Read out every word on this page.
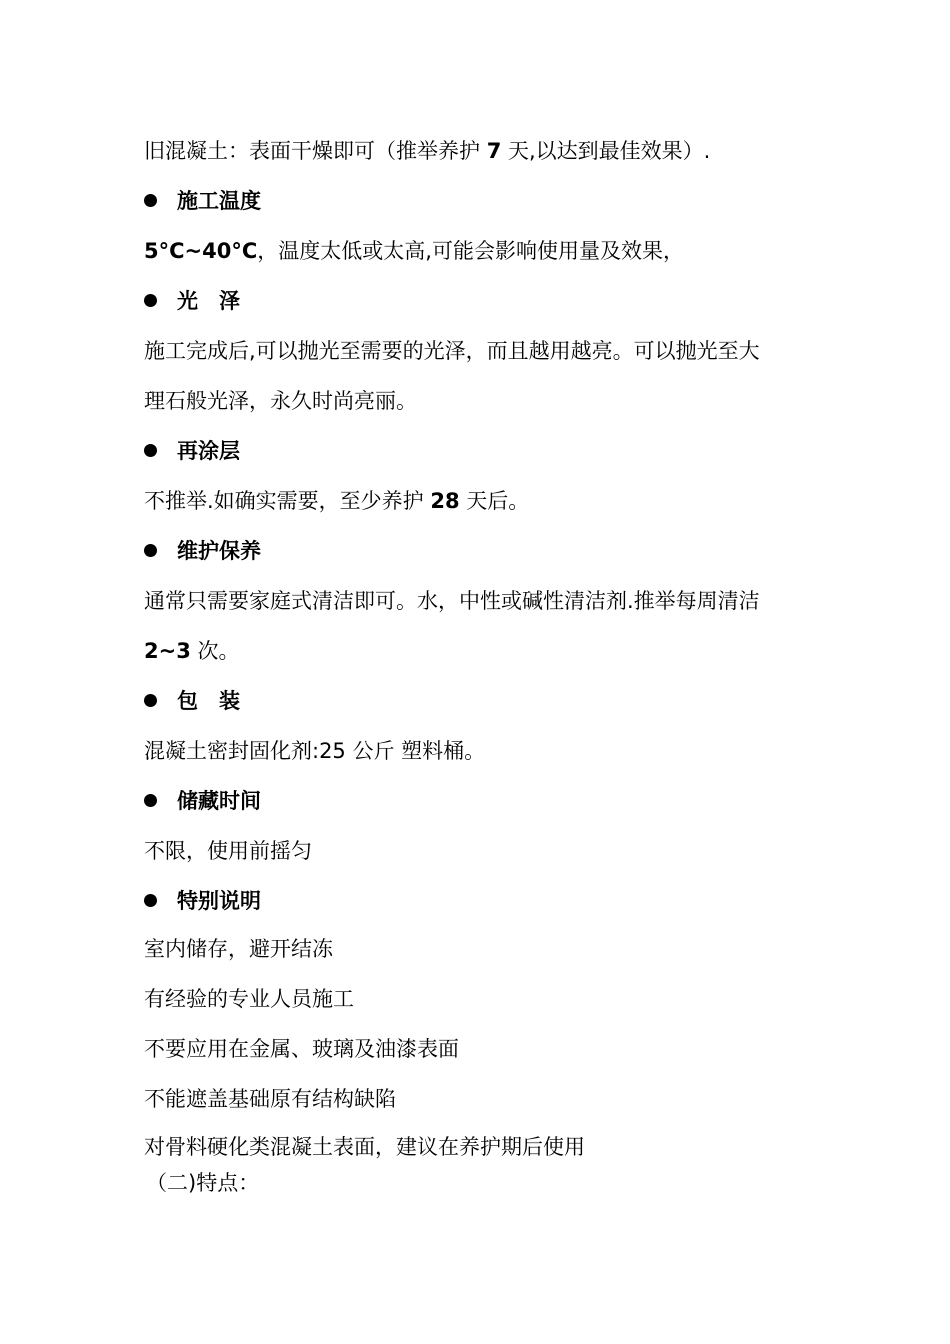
旧混凝土：表面干燥即可（推举养护 7 天,以达到最佳效果）.
施工温度
5°C~40°C，温度太低或太高,可能会影响使用量及效果，
光　泽
施工完成后,可以抛光至需要的光泽，而且越用越亮。可以抛光至大
理石般光泽，永久时尚亮丽。
再涂层
不推举.如确实需要，至少养护 28 天后。
维护保养
通常只需要家庭式清洁即可。水，中性或碱性清洁剂.推举每周清洁
2~3 次。
包　装
混凝土密封固化剂:25 公斤 塑料桶。
储藏时间
不限，使用前摇匀
特别说明
室内储存，避开结冻
有经验的专业人员施工
不要应用在金属、玻璃及油漆表面
不能遮盖基础原有结构缺陷
对骨料硬化类混凝土表面，建议在养护期后使用
（二)特点：
